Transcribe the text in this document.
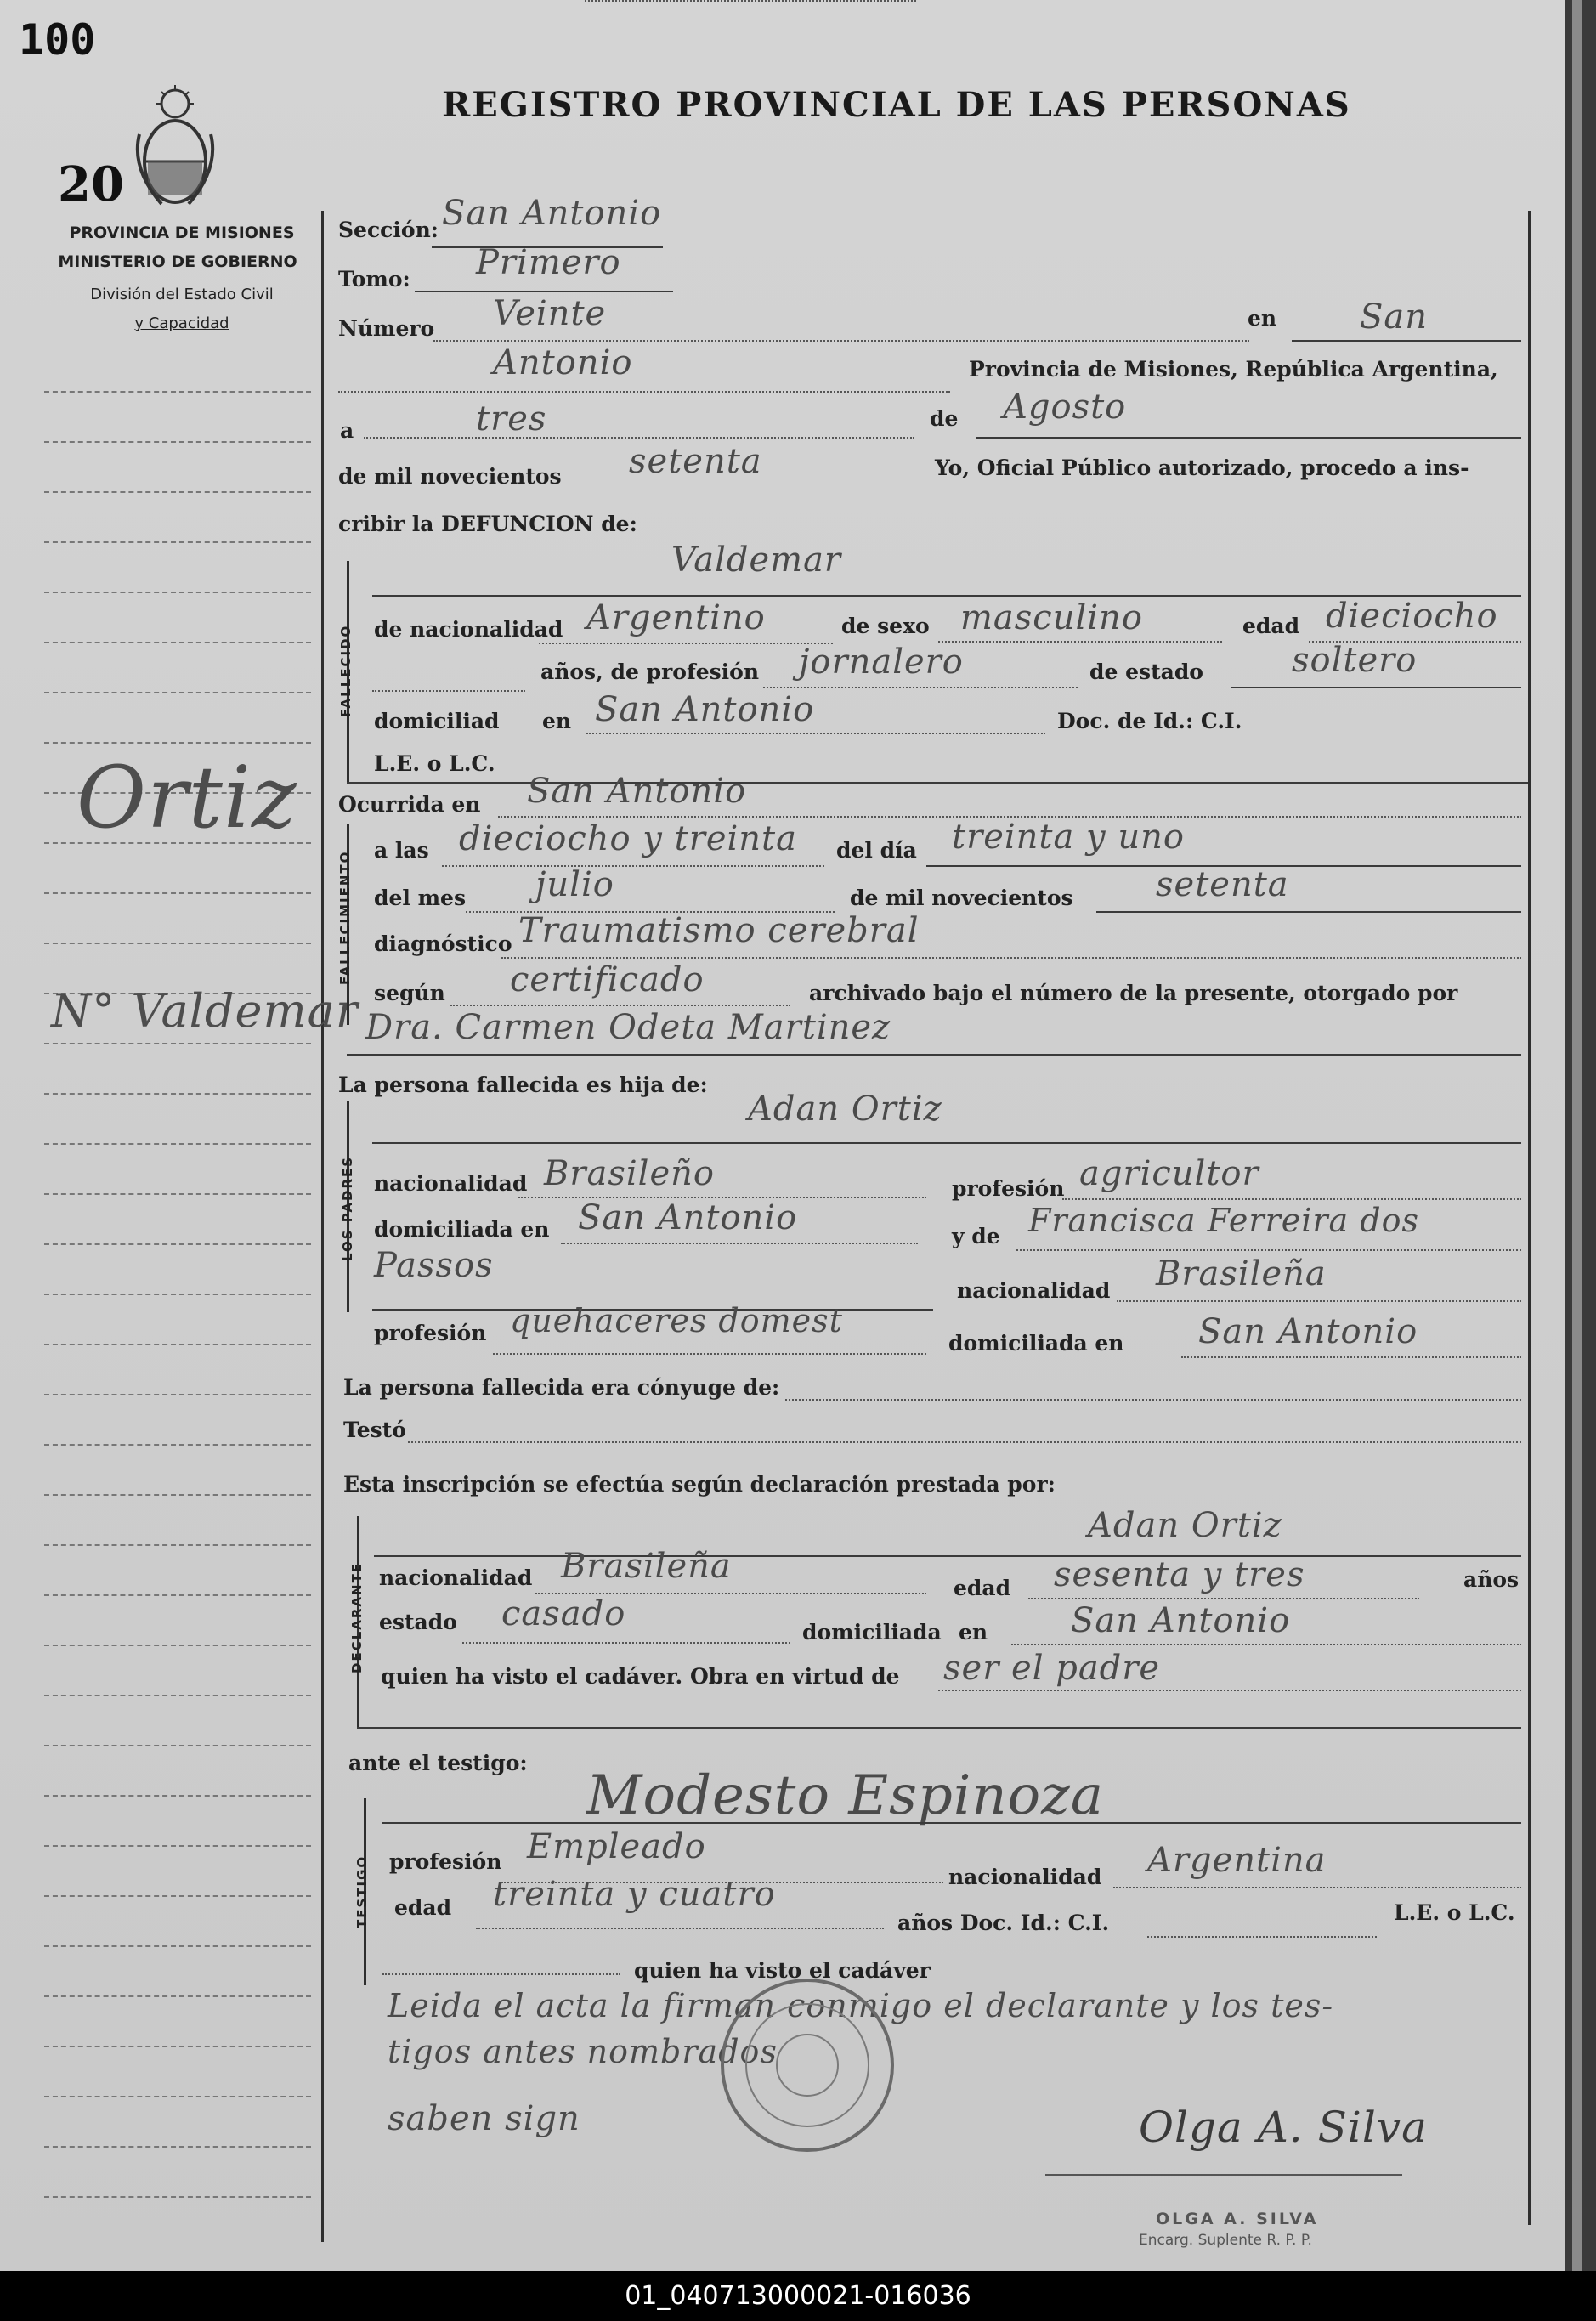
100
20
PROVINCIA DE MISIONES
MINISTERIO DE GOBIERNO
División del Estado Civil
y Capacidad
REGISTRO PROVINCIAL DE LAS PERSONAS
Ortiz
N° Valdemar
Sección: San Antonio
Tomo: Primero
Número Veinte	en San
Antonio	Provincia de Misiones, República Argentina,
a	tres	de Agosto
de mil novecientos setenta	Yo, Oficial Público autorizado, procedo a ins-
cribir la DEFUNCION de:
FALLECIDO
Valdemar
de nacionalidad Argentino	de sexo masculino	edad dieciocho
años, de profesión jornalero	de estado	soltero
domiciliad en San Antonio	Doc. de Id.: C.I.
L.E. o L.C.
Ocurrida en San Antonio
FALLECIMIENTO
a las dieciocho y treinta del día treinta y uno
del mes julio	de mil novecientos setenta
diagnóstico Traumatismo cerebral
según certificado	archivado bajo el número de la presente, otorgado por
Dra. Carmen Odeta Martinez
La persona fallecida es hija de:
LOS PADRES
Adan Ortiz
nacionalidad Brasileño	profesión agricultor
domiciliada en San Antonio	y de Francisca Ferreira dos
Passos
nacionalidad Brasileña
profesión quehaceres domest
domiciliada en San Antonio
La persona fallecida era cónyuge de:
Testó
Esta inscripción se efectúa según declaración prestada por:
DECLARANTE
Adan Ortiz
nacionalidad Brasileña
edad sesenta y tres	años
estado casado	domiciliada en San Antonio
quien ha visto el cadáver. Obra en virtud de ser el padre
ante el testigo:
TESTIGO
Modesto Espinoza
profesión Empleado
nacionalidad Argentina
edad treinta y cuatro
años Doc. Id.: C.I.	L.E. o L.C.
quien ha visto el cadáver
Leida el acta la firman conmigo el declarante y los tes-
tigos antes nombrados
saben sign	Olga A. Silva
OLGA A. SILVA
Encarg. Suplente R. P. P.
01_040713000021-016036
